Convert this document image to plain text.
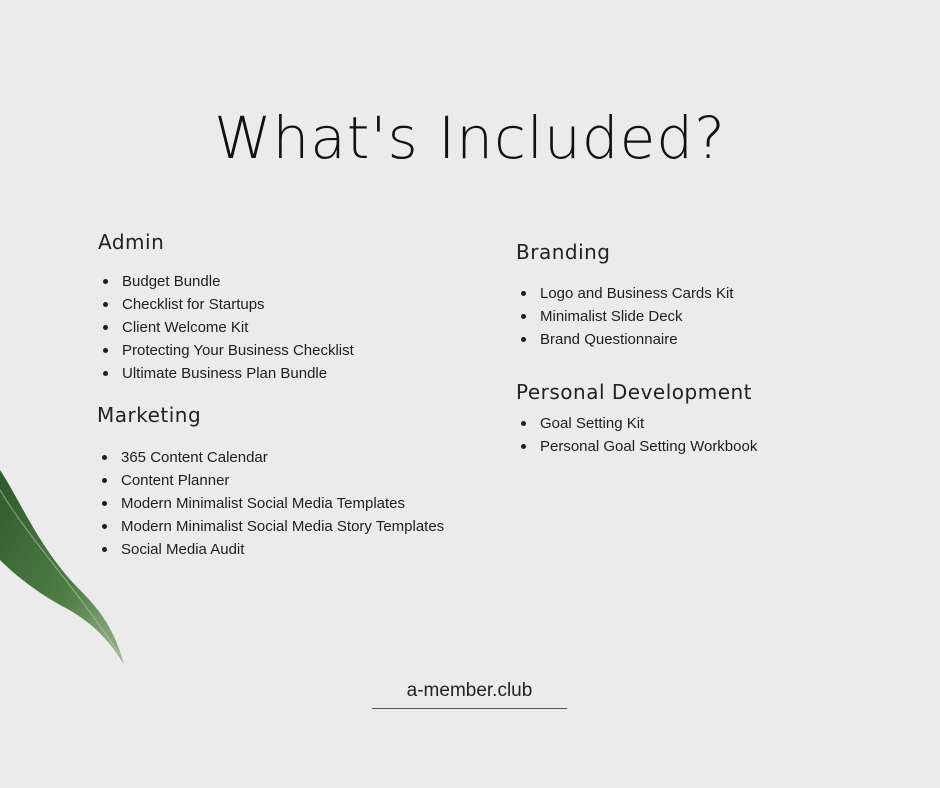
What's Included?
Admin
Budget Bundle
Checklist for Startups
Client Welcome Kit
Protecting Your Business Checklist
Ultimate Business Plan Bundle
Marketing
365 Content Calendar
Content Planner
Modern Minimalist Social Media Templates
Modern Minimalist Social Media Story Templates
Social Media Audit
Branding
Logo and Business Cards Kit
Minimalist Slide Deck
Brand Questionnaire
Personal Development
Goal Setting Kit
Personal Goal Setting Workbook
a-member.club
